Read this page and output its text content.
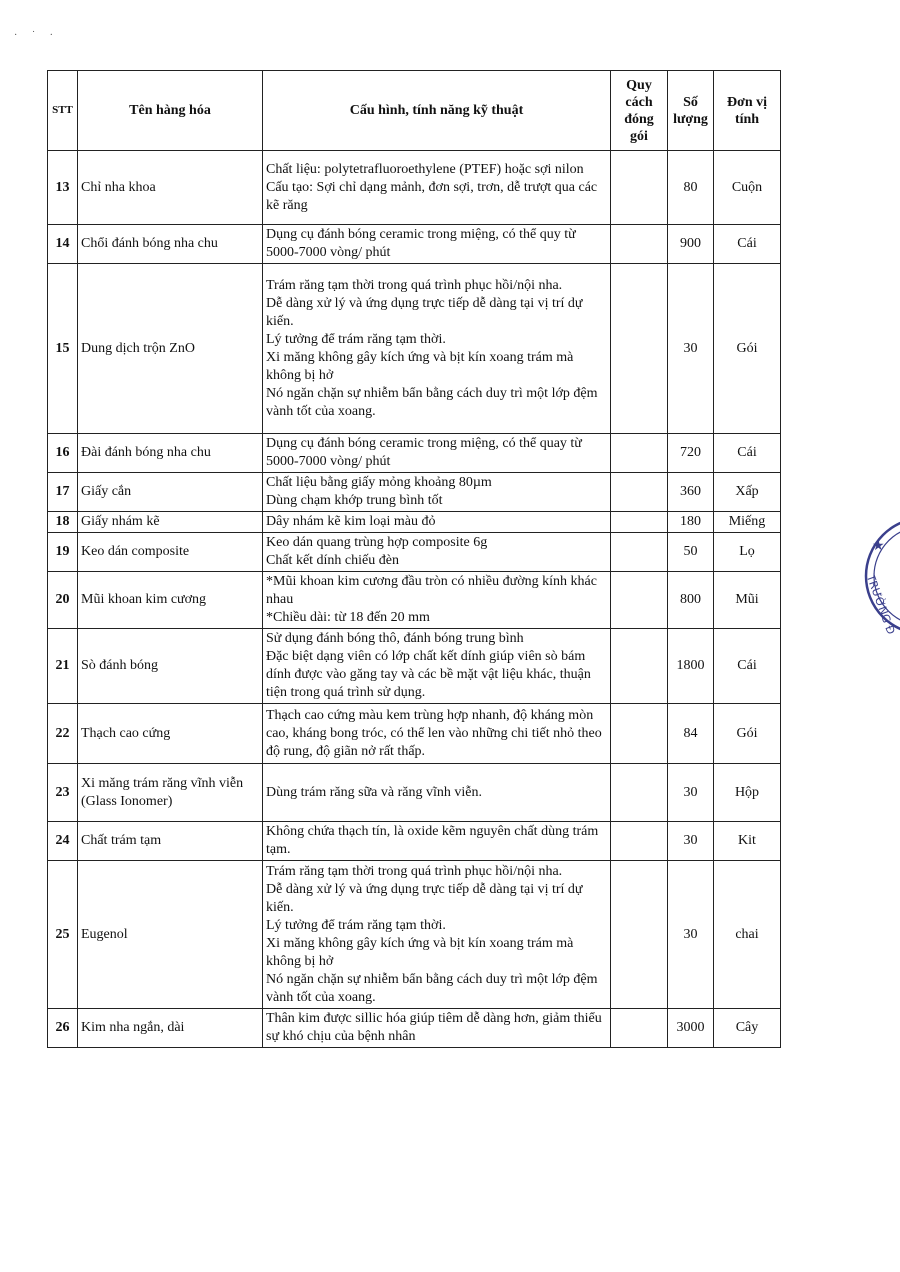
· ˙ ·
STT	Tên hàng hóa	Cấu hình, tính năng kỹ thuật	Quy cách đóng gói	Số lượng	Đơn vị tính
13	Chỉ nha khoa	Chất liệu: polytetrafluoroethylene (PTEF) hoặc sợi nilon
Cấu tạo: Sợi chỉ dạng mảnh, đơn sợi, trơn, dễ trượt qua các kẽ răng		80	Cuộn
14	Chổi đánh bóng nha chu	Dụng cụ đánh bóng ceramic trong miệng, có thể quy từ 5000-7000 vòng/ phút		900	Cái
15	Dung dịch trộn ZnO	Trám răng tạm thời trong quá trình phục hồi/nội nha.
Dễ dàng xử lý và ứng dụng trực tiếp dễ dàng tại vị trí dự kiến.
Lý tưởng để trám răng tạm thời.
Xi măng không gây kích ứng và bịt kín xoang trám mà không bị hở
Nó ngăn chặn sự nhiễm bẩn bằng cách duy trì một lớp đệm vành tốt của xoang.		30	Gói
16	Đài đánh bóng nha chu	Dụng cụ đánh bóng ceramic trong miệng, có thể quay từ 5000-7000 vòng/ phút		720	Cái
17	Giấy cắn	Chất liệu bằng giấy mỏng khoảng 80µm
Dùng chạm khớp trung bình tốt		360	Xấp
18	Giấy nhám kẽ	Dây nhám kẽ kim loại màu đỏ		180	Miếng
19	Keo dán composite	Keo dán quang trùng hợp composite 6g
Chất kết dính chiếu đèn		50	Lọ
20	Mũi khoan kim cương	*Mũi khoan kim cương đầu tròn có nhiều đường kính khác nhau
*Chiều dài: từ 18 đến 20 mm		800	Mũi
21	Sò đánh bóng	Sử dụng đánh bóng thô, đánh bóng trung bình
Đặc biệt dạng viên có lớp chất kết dính giúp viên sò bám dính được vào găng tay và các bề mặt vật liệu khác, thuận tiện trong quá trình sử dụng.		1800	Cái
22	Thạch cao cứng	Thạch cao cứng màu kem trùng hợp nhanh, độ kháng mòn cao, kháng bong tróc, có thể len vào những chi tiết nhỏ theo độ rung, độ giãn nở rất thấp.		84	Gói
23	Xi măng trám răng vĩnh viễn (Glass Ionomer)	Dùng trám răng sữa và răng vĩnh viễn.		30	Hộp
24	Chất trám tạm	Không chứa thạch tín, là oxide kẽm nguyên chất dùng trám tạm.		30	Kit
25	Eugenol	Trám răng tạm thời trong quá trình phục hồi/nội nha.
Dễ dàng xử lý và ứng dụng trực tiếp dễ dàng tại vị trí dự kiến.
Lý tưởng để trám răng tạm thời.
Xi măng không gây kích ứng và bịt kín xoang trám mà không bị hở
Nó ngăn chặn sự nhiễm bẩn bằng cách duy trì một lớp đệm vành tốt của xoang.		30	chai
26	Kim nha ngắn, dài	Thân kim được sillic hóa giúp tiêm dễ dàng hơn, giảm thiểu sự khó chịu của bệnh nhân		3000	Cây
★
TRƯỜNG Đ
